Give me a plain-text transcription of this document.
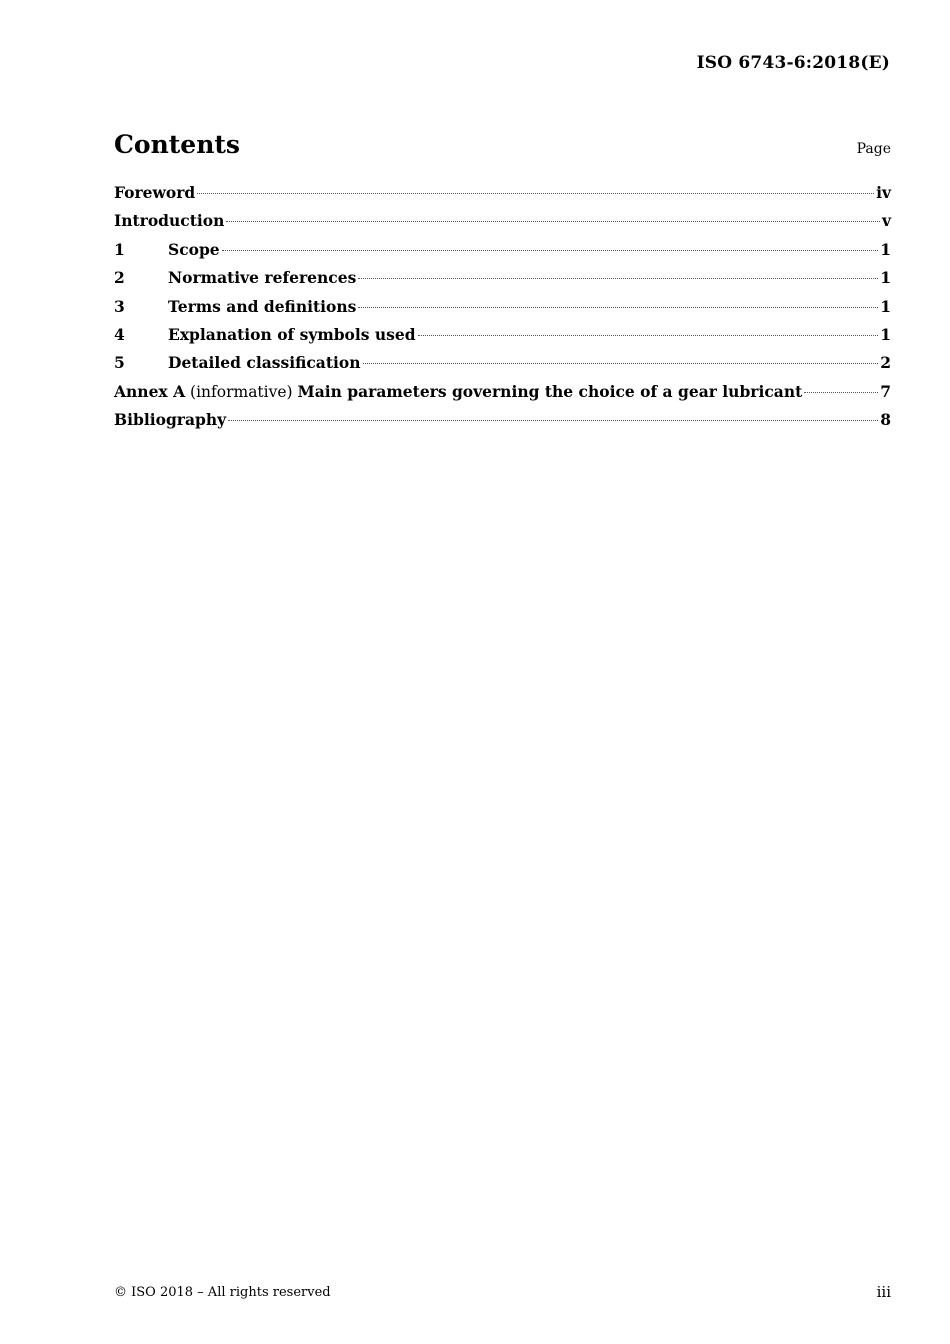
ISO 6743-6:2018(E)
Contents	Page
Foreword	iv
Introduction	v
1	Scope	1
2	Normative references	1
3	Terms and definitions	1
4	Explanation of symbols used	1
5	Detailed classification	2
Annex A (informative) Main parameters governing the choice of a gear lubricant	7
Bibliography	8
© ISO 2018 – All rights reserved	iii
